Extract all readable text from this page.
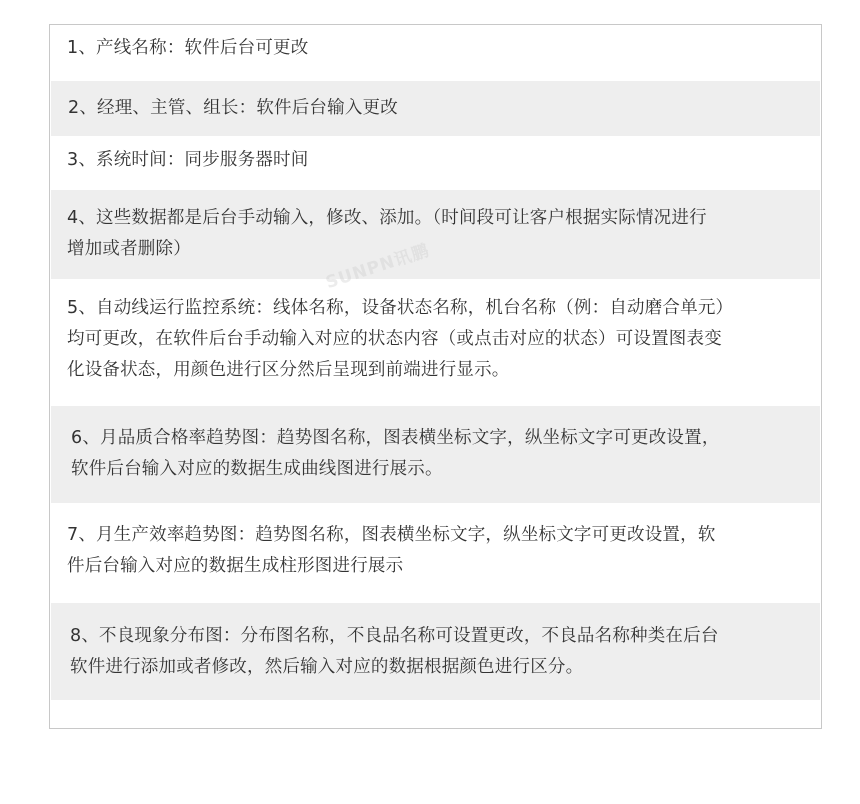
1、产线名称：软件后台可更改
2、经理、主管、组长：软件后台输入更改
3、系统时间：同步服务器时间
4、这些数据都是后台手动输入，修改、添加。（时间段可让客户根据实际情况进行
增加或者删除）
5、自动线运行监控系统：线体名称，设备状态名称，机台名称（例：自动磨合单元）
均可更改，在软件后台手动输入对应的状态内容（或点击对应的状态）可设置图表变
化设备状态，用颜色进行区分然后呈现到前端进行显示。
6、月品质合格率趋势图：趋势图名称，图表横坐标文字，纵坐标文字可更改设置，
软件后台输入对应的数据生成曲线图进行展示。
7、月生产效率趋势图：趋势图名称，图表横坐标文字，纵坐标文字可更改设置，软
件后台输入对应的数据生成柱形图进行展示
8、不良现象分布图：分布图名称，不良品名称可设置更改，不良品名称种类在后台
软件进行添加或者修改，然后输入对应的数据根据颜色进行区分。
SUNPN讯鹏
